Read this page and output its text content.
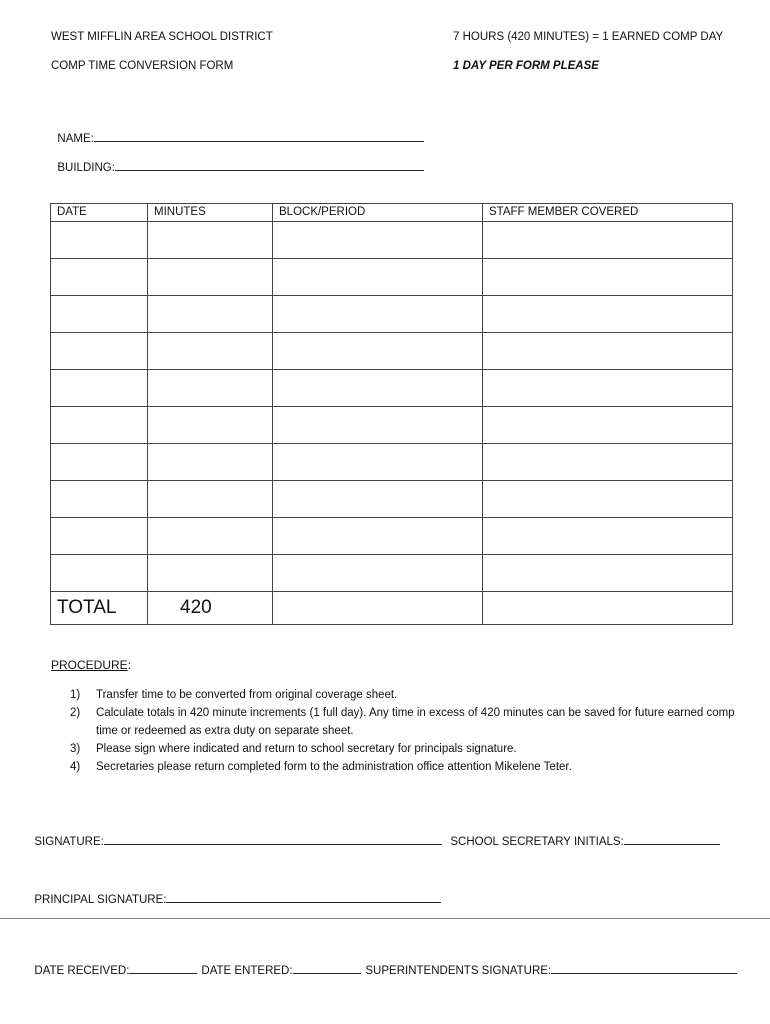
WEST MIFFLIN AREA SCHOOL DISTRICT
COMP TIME CONVERSION FORM
7 HOURS (420 MINUTES) = 1 EARNED COMP DAY
1 DAY PER FORM PLEASE

NAME:

BUILDING:

DATE	MINUTES	BLOCK/PERIOD	STAFF MEMBER COVERED

TOTAL	420		
PROCEDURE:
1) Transfer time to be converted from original coverage sheet.
2) Calculate totals in 420 minute increments (1 full day). Any time in excess of 420 minutes can be saved for future earned comp time or redeemed as extra duty on separate sheet.
3) Please sign where indicated and return to school secretary for principals signature.
4) Secretaries please return completed form to the administration office attention Mikelene Teter.

SIGNATURE:	SCHOOL SECRETARY INITIALS:

PRINCIPAL SIGNATURE:

DATE RECEIVED:	DATE ENTERED:	SUPERINTENDENTS SIGNATURE:
